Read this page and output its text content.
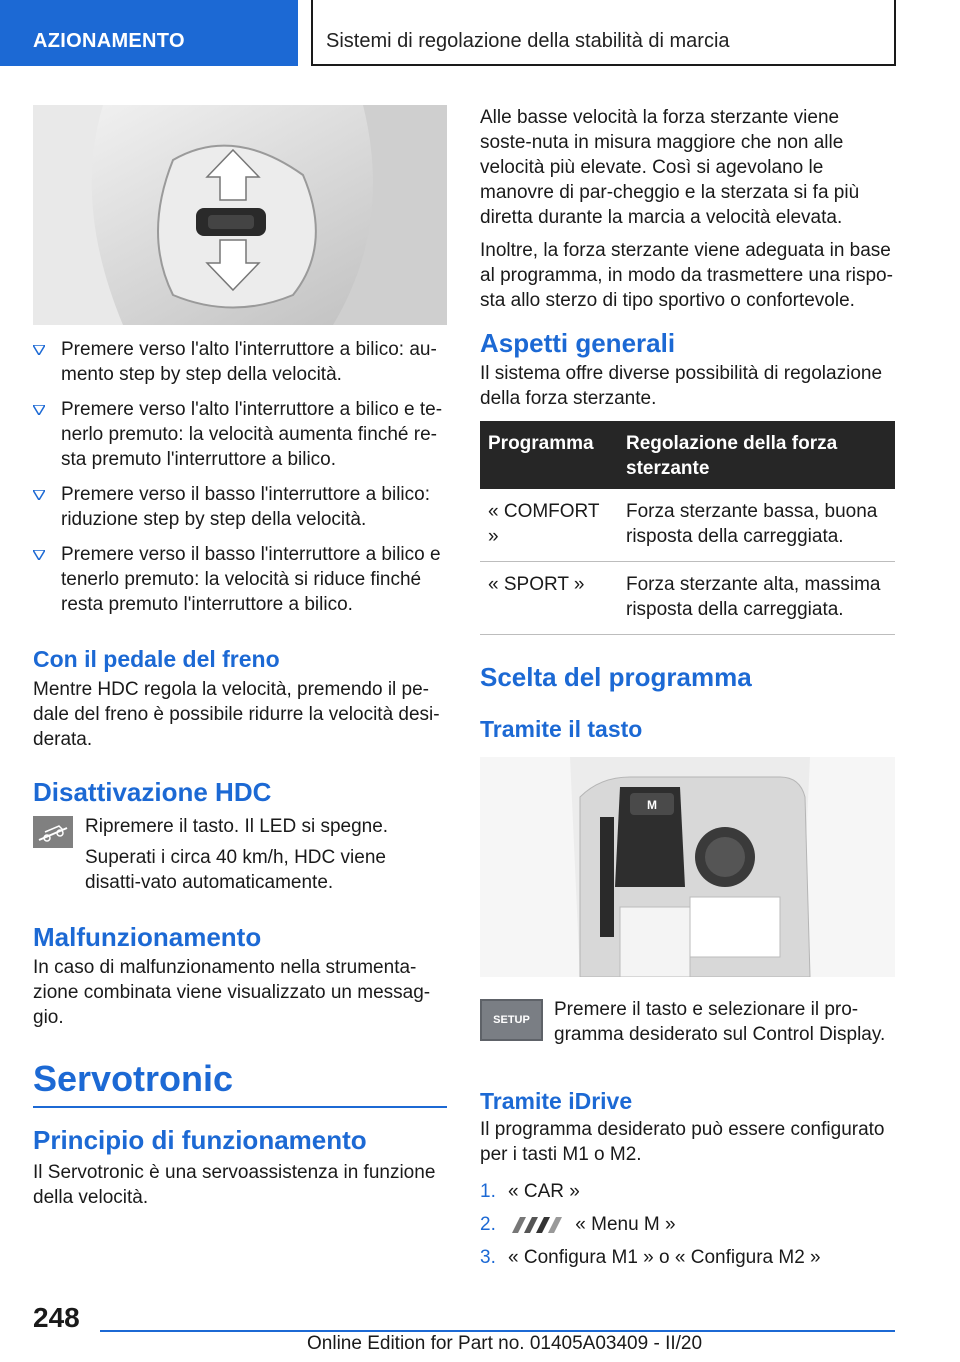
AZIONAMENTO	Sistemi di regolazione della stabilità di marcia
Premere verso l'alto l'interruttore a bilico: au-mento step by step della velocità.
Premere verso l'alto l'interruttore a bilico e te-nerlo premuto: la velocità aumenta finché re-sta premuto l'interruttore a bilico.
Premere verso il basso l'interruttore a bilico: riduzione step by step della velocità.
Premere verso il basso l'interruttore a bilico e tenerlo premuto: la velocità si riduce finché resta premuto l'interruttore a bilico.
Con il pedale del freno

Mentre HDC regola la velocità, premendo il pe-dale del freno è possibile ridurre la velocità desi-derata.

Disattivazione HDC

Ripremere il tasto. Il LED si spegne.

Superati i circa 40 km/h, HDC viene disatti-vato automaticamente.

Malfunzionamento

In caso di malfunzionamento nella strumenta-zione combinata viene visualizzato un messag-gio.

Servotronic
Principio di funzionamento

Il Servotronic è una servoassistenza in funzione della velocità.

Alle basse velocità la forza sterzante viene soste-nuta in misura maggiore che non alle velocità più elevate. Così si agevolano le manovre di par-cheggio e la sterzata si fa più diretta durante la marcia a velocità elevata.

Inoltre, la forza sterzante viene adeguata in base al programma, in modo da trasmettere una rispo-sta allo sterzo di tipo sportivo o confortevole.

Aspetti generali

Il sistema offre diverse possibilità di regolazione della forza sterzante.

Programma	Regolazione della forza sterzante
« COMFORT »	Forza sterzante bassa, buona risposta della carreggiata.
« SPORT »	Forza sterzante alta, massima risposta della carreggiata.
Scelta del programma
Tramite il tasto
M
SETUP	Premere il tasto e selezionare il pro-gramma desiderato sul Control Display.

Tramite iDrive

Il programma desiderato può essere configurato per i tasti M1 o M2.

1. « CAR »
2.	« Menu M »
3. « Configura M1 » o « Configura M2 »
248
Online Edition for Part no. 01405A03409 - II/20
